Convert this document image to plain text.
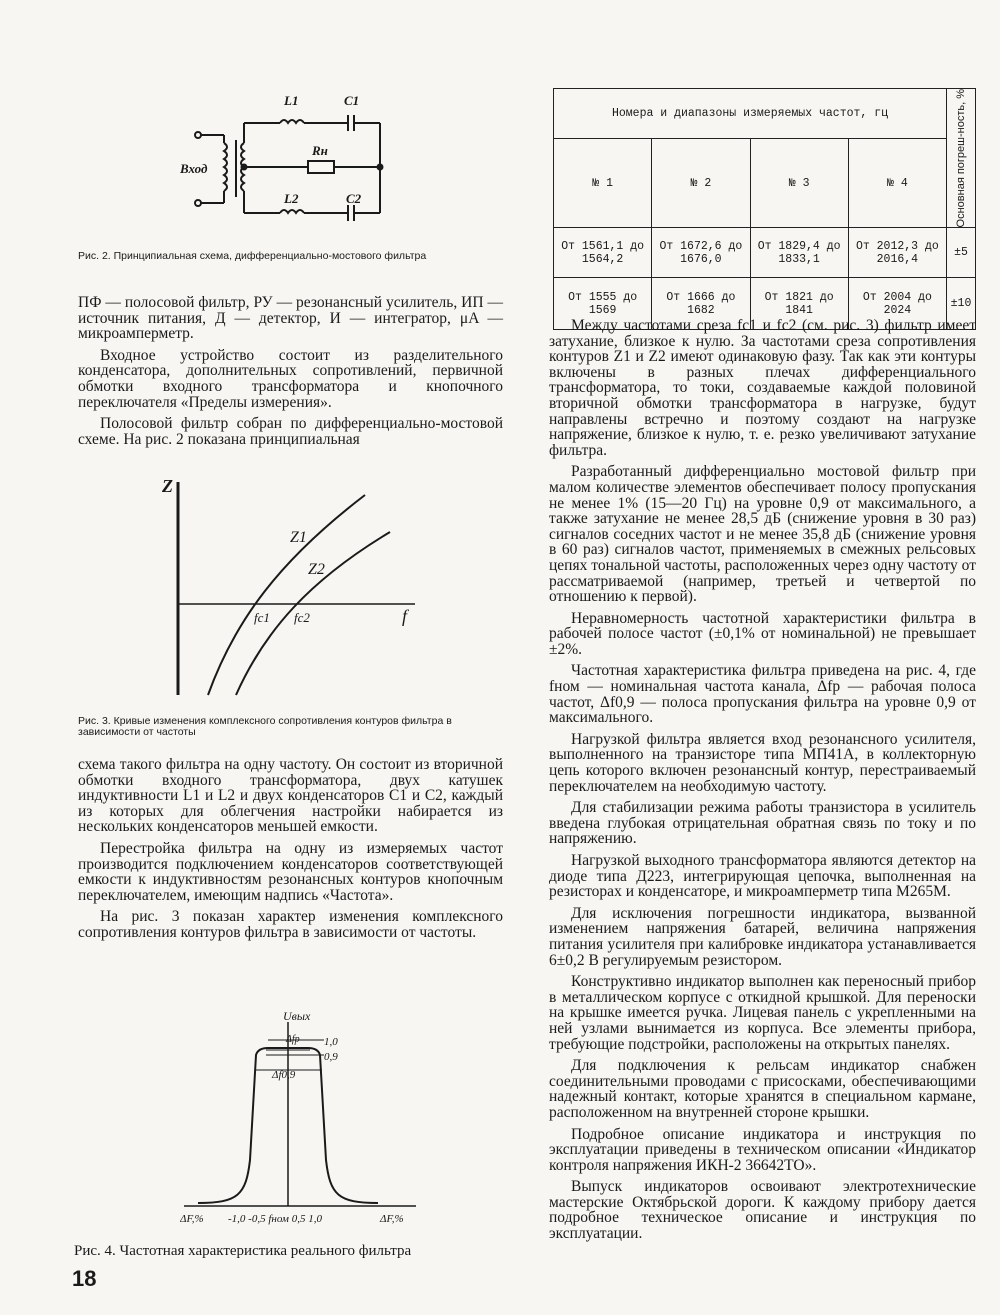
L1	C1
Rн
L2	C2
Вход
Рис. 2. Принципиальная схема, дифференциально-мостового фильтра
Номера и диапазоны измеряемых частот, гц				Основная погреш-ность, %

№ 1	№ 2	№ 3	№ 4	
От 1561,1 до 1564,2	От 1672,6 до 1676,0	От 1829,4 до 1833,1	От 2012,3 до 2016,4	±5
От 1555 до 1569	От 1666 до 1682	От 1821 до 1841	От 2004 до 2024	±10

ПФ — полосовой фильтр, РУ — резонансный усилитель, ИП — источник питания, Д — детектор, И — интегратор, μA — микроамперметр.

Входное устройство состоит из разделительного конденсатора, дополнительных сопротивлений, первичной обмотки входного трансформатора и кнопочного переключателя «Пределы измерения».

Полосовой фильтр собран по дифференциально-мостовой схеме. На рис. 2 показана принципиальная

Z
Z1
Z2
f
fc1 fc2
Рис. 3. Кривые изменения комплексного сопротивления контуров фильтра в зависимости от частоты

схема такого фильтра на одну частоту. Он состоит из вторичной обмотки входного трансформатора, двух катушек индуктивности L1 и L2 и двух конденсаторов C1 и C2, каждый из которых для облегчения настройки набирается из нескольких конденсаторов меньшей емкости.

Перестройка фильтра на одну из измеряемых частот производится подключением конденсаторов соответствующей емкости к индуктивностям резонансных контуров кнопочным переключателем, имеющим надпись «Частота».

На рис. 3 показан характер изменения комплексного сопротивления контуров фильтра в зависимости от частоты.

Uвых
Δfр 1,0
0,9
Δf0,9
ΔF,%	ΔF,%
-1,0 -0,5 fном 0,5 1,0
Рис. 4. Частотная характеристика реального фильтра
18

Между частотами среза fc1 и fc2 (см. рис. 3) фильтр имеет затухание, близкое к нулю. За частотами среза сопротивления контуров Z1 и Z2 имеют одинаковую фазу. Так как эти контуры включены в разных плечах дифференциального трансформатора, то токи, создаваемые каждой половиной вторичной обмотки трансформатора в нагрузке, будут направлены встречно и поэтому создают на нагрузке напряжение, близкое к нулю, т. е. резко увеличивают затухание фильтра.

Разработанный дифференциально мостовой фильтр при малом количестве элементов обеспечивает полосу пропускания не менее 1% (15—20 Гц) на уровне 0,9 от максимального, а также затухание не менее 28,5 дБ (снижение уровня в 30 раз) сигналов соседних частот и не менее 35,8 дБ (снижение уровня в 60 раз) сигналов частот, применяемых в смежных рельсовых цепях тональной частоты, расположенных через одну частоту от рассматриваемой (например, третьей и четвертой по отношению к первой).

Неравномерность частотной характеристики фильтра в рабочей полосе частот (±0,1% от номинальной) не превышает ±2%.

Частотная характеристика фильтра приведена на рис. 4, где fном — номинальная частота канала, Δfр — рабочая полоса частот, Δf0,9 — полоса пропускания фильтра на уровне 0,9 от максимального.

Нагрузкой фильтра является вход резонансного усилителя, выполненного на транзисторе типа МП41А, в коллекторную цепь которого включен резонансный контур, перестраиваемый переключателем на необходимую частоту.

Для стабилизации режима работы транзистора в усилитель введена глубокая отрицательная обратная связь по току и по напряжению.

Нагрузкой выходного трансформатора являются детектор на диоде типа Д223, интегрирующая цепочка, выполненная на резисторах и конденсаторе, и микроамперметр типа М265М.

Для исключения погрешности индикатора, вызванной изменением напряжения батарей, величина напряжения питания усилителя при калибровке индикатора устанавливается 6±0,2 В регулируемым резистором.

Конструктивно индикатор выполнен как переносный прибор в металлическом корпусе с откидной крышкой. Для переноски на крышке имеется ручка. Лицевая панель с укрепленными на ней узлами вынимается из корпуса. Все элементы прибора, требующие подстройки, расположены на открытых панелях.

Для подключения к рельсам индикатор снабжен соединительными проводами с присосками, обеспечивающими надежный контакт, которые хранятся в специальном кармане, расположенном на внутренней стороне крышки.

Подробное описание индикатора и инструкция по эксплуатации приведены в техническом описании «Индикатор контроля напряжения ИКН-2 36642ТО».

Выпуск индикаторов освоивают электротехнические мастерские Октябрьской дороги. К каждому прибору дается подробное техническое описание и инструкция по эксплуатации.
